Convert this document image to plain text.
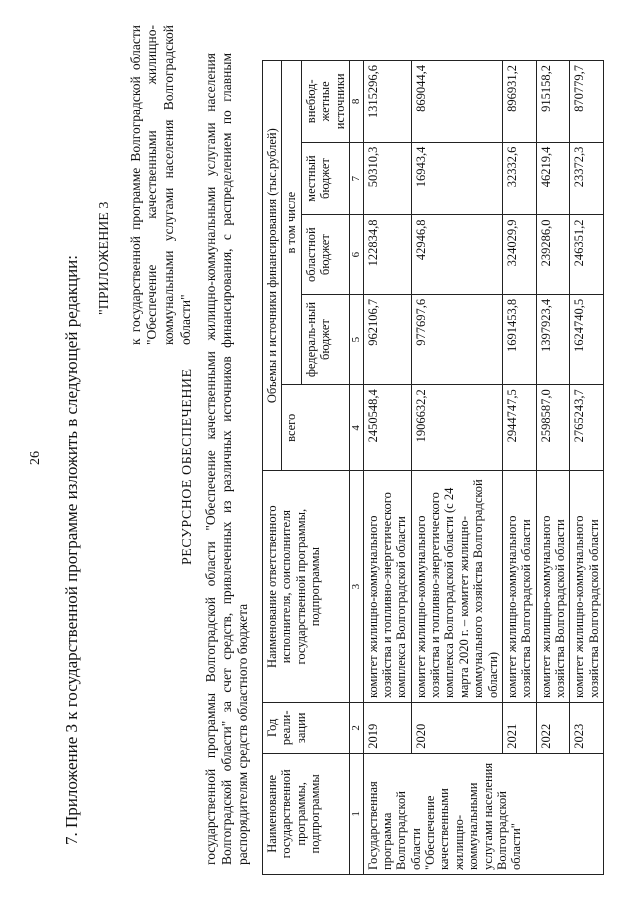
26 7. Приложение 3 к государственной программе изложить в следующей редакции: "ПРИЛОЖЕНИЕ 3 к государственной программе Волгоградской области "Обеспечение качественными жилищно-коммунальными услугами населения Волгоградской области"
РЕСУРСНОЕ ОБЕСПЕЧЕНИЕ государственной программы Волгоградской области "Обеспечение качественными жилищно-коммунальными услугами населения Волгоградской области" за счет средств, привлеченных из различных источников финансирования, с распределением по главным распорядителям средств областного бюджета Наименование государственной программы, подпрограммы	Год реали-зации	Наименование ответственного исполнителя, соисполнителя государственной программы, подпрограммы	Объемы и источники финансирования (тыс.рублей)				
			всего	в том числе			
				федераль-ный бюджет	областной бюджет	местный бюджет	внебюд-жетные источники
1	2	3	4	5	6	7	8
Государственная программа Волгоградской области "Обеспечение качественными жилищно-коммунальными услугами населения Волгоградской области"	2019	комитет жилищно-коммунального хозяйства и топливно-энергетического комплекса Волгоградской области	2450548,4	962106,7	122834,8	50310,3	1315296,6
	2020	комитет жилищно-коммунального хозяйства и топливно-энергетического комплекса Волгоградской области (с 24 марта 2020 г. – комитет жилищно-коммунального хозяйства Волгоградской области)	1906632,2	977697,6	42946,8	16943,4	869044,4
	2021	комитет жилищно-коммунального хозяйства Волгоградской области	2944747,5	1691453,8	324029,9	32332,6	896931,2
	2022	комитет жилищно-коммунального хозяйства Волгоградской области	2598587,0	1397923,4	239286,0	46219,4	915158,2
	2023	комитет жилищно-коммунального хозяйства Волгоградской области	2765243,7	1624740,5	246351,2	23372,3	870779,7
